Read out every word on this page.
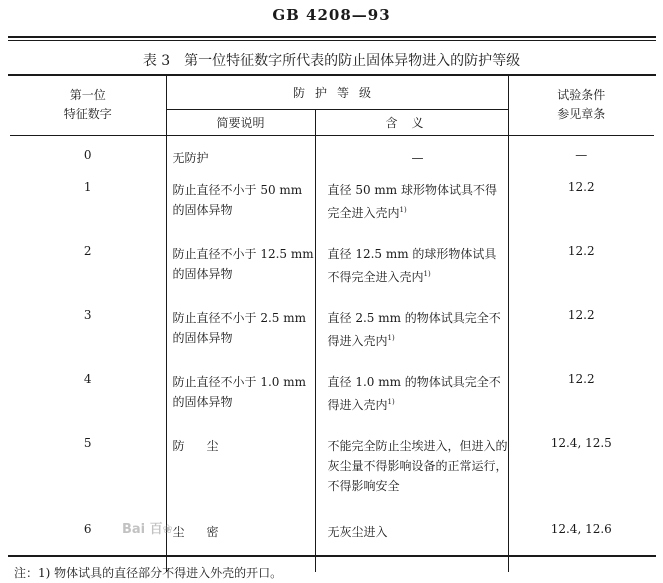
GB 4208—93
表 3　第一位特征数字所代表的防止固体异物进入的防护等级
第一位
特征数字	防护等级		试验条件
参见章条
	简要说明	含义	
0	无防护	—	—
1	防止直径不小于 50 mm 的固体异物	直径 50 mm 球形物体试具不得完全进入壳内$^{1)}$	12.2
2	防止直径不小于 12.5 mm 的固体异物	直径 12.5 mm 的球形物体试具不得完全进入壳内$^{1)}$	12.2
3	防止直径不小于 2.5 mm 的固体异物	直径 2.5 mm 的物体试具完全不得进入壳内$^{1)}$	12.2
4	防止直径不小于 1.0 mm 的固体异物	直径 1.0 mm 的物体试具完全不得进入壳内$^{1)}$	12.2
5	防尘	不能完全防止尘埃进入，但进入的灰尘量不得影响设备的正常运行，不得影响安全	12.4, 12.5
6	尘密	无灰尘进入	12.4, 12.6
注：1) 物体试具的直径部分不得进入外壳的开口。
Bai 百❀
